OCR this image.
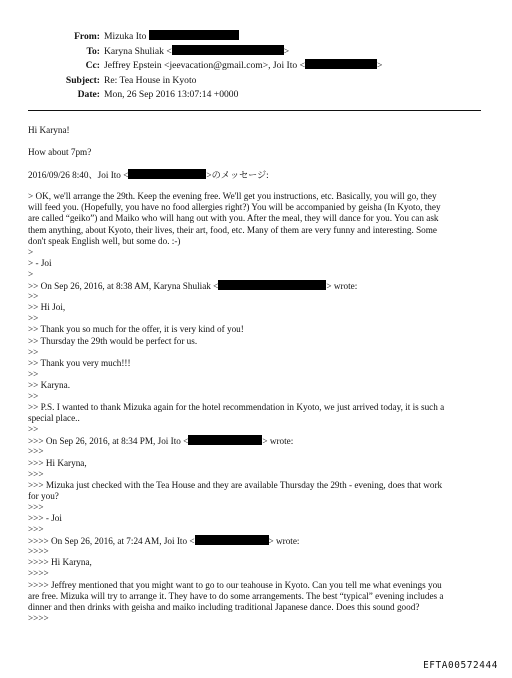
From: Mizuka Ito
To: Karyna Shuliak <	>
Cc: Jeffrey Epstein <jeevacation@gmail.com>, Joi Ito <	>
Subject: Re: Tea House in Kyoto
Date: Mon, 26 Sep 2016 13:07:14 +0000
Hi Karyna!
How about 7pm?
2016/09/26 8:40、Joi Ito <	>のメッセージ:
> OK, we'll arrange the 29th. Keep the evening free. We'll get you instructions, etc. Basically, you will go, they
will feed you. (Hopefully, you have no food allergies right?) You will be accompanied by geisha (In Kyoto, they
are called “geiko”) and Maiko who will hang out with you. After the meal, they will dance for you. You can ask
them anything, about Kyoto, their lives, their art, food, etc. Many of them are very funny and interesting. Some
don't speak English well, but some do. :-)
>
> - Joi
>
>> On Sep 26, 2016, at 8:38 AM, Karyna Shuliak <	> wrote:
>>
>> Hi Joi,
>>
>> Thank you so much for the offer, it is very kind of you!
>> Thursday the 29th would be perfect for us.
>>
>> Thank you very much!!!
>>
>> Karyna.
>>
>> P.S. I wanted to thank Mizuka again for the hotel recommendation in Kyoto, we just arrived today, it is such a
special place..
>>
>>> On Sep 26, 2016, at 8:34 PM, Joi Ito <	> wrote:
>>>
>>> Hi Karyna,
>>>
>>> Mizuka just checked with the Tea House and they are available Thursday the 29th - evening, does that work
for you?
>>>
>>> - Joi
>>>
>>>> On Sep 26, 2016, at 7:24 AM, Joi Ito <	> wrote:
>>>>
>>>> Hi Karyna,
>>>>
>>>> Jeffrey mentioned that you might want to go to our teahouse in Kyoto. Can you tell me what evenings you
are free. Mizuka will try to arrange it. They have to do some arrangements. The best “typical” evening includes a
dinner and then drinks with geisha and maiko including traditional Japanese dance. Does this sound good?
>>>>
EFTA00572444
